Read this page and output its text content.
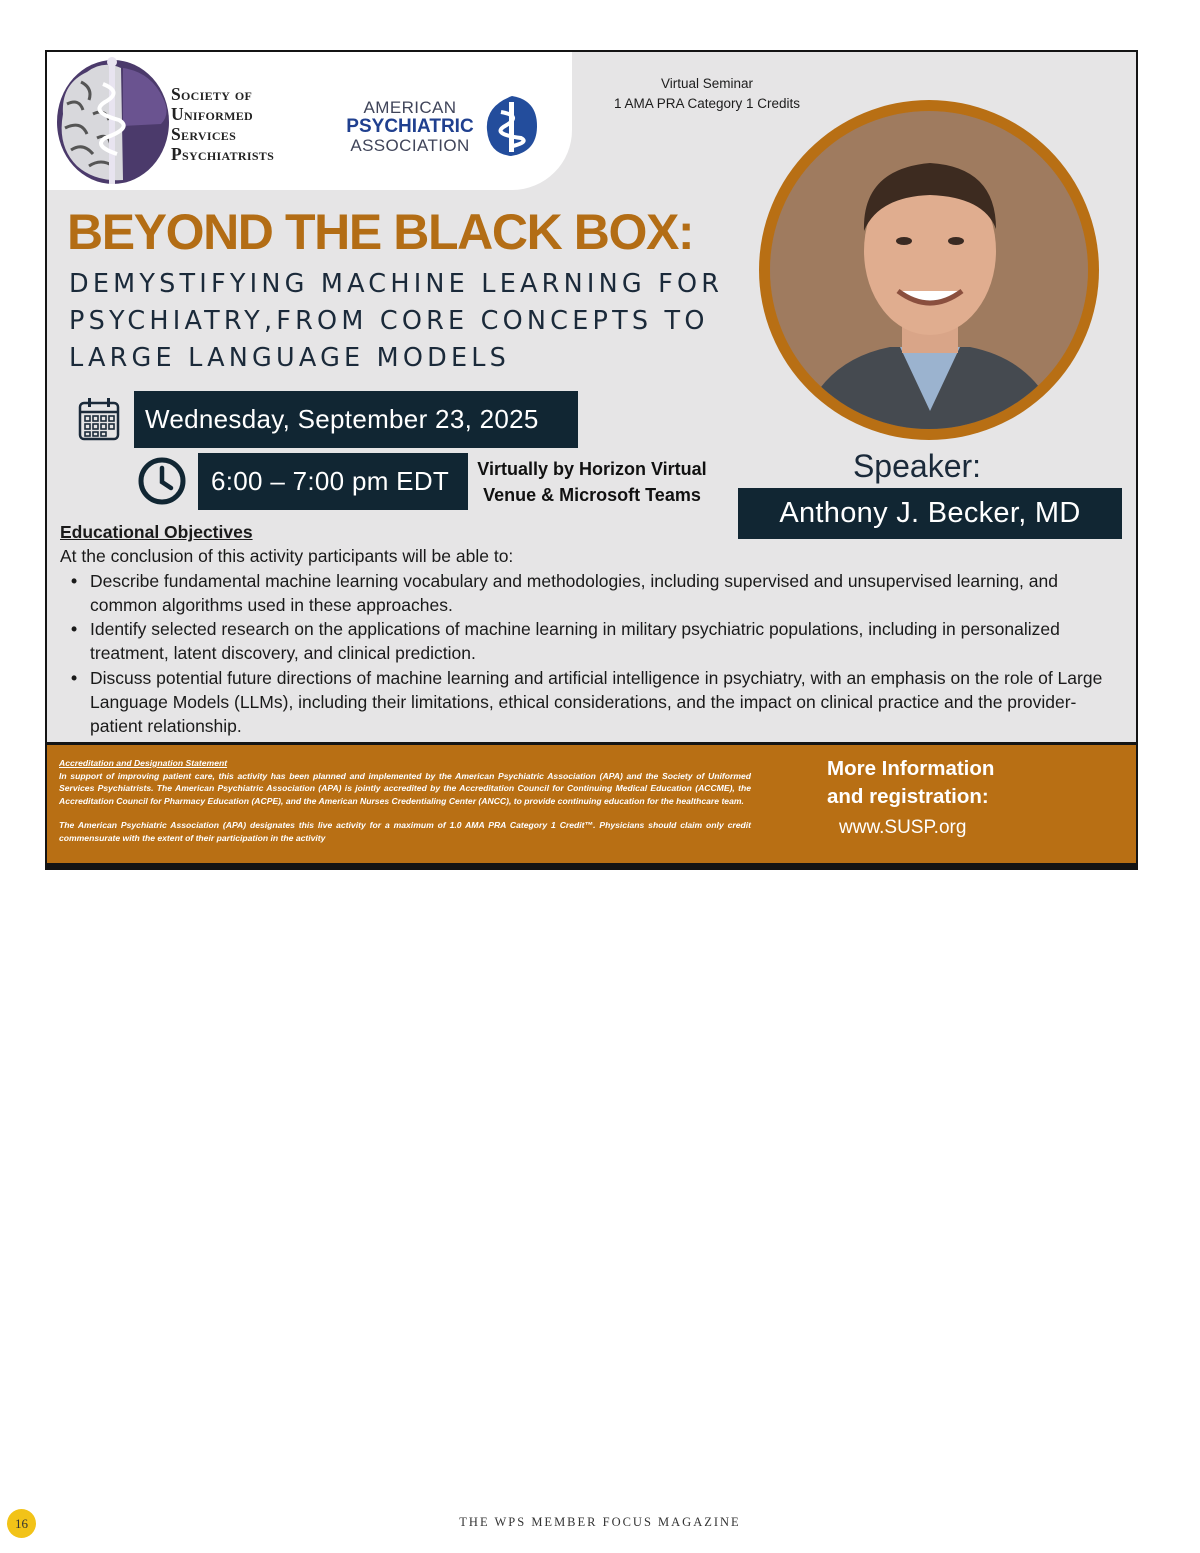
Society of
Uniformed
Services
Psychiatrists
AMERICAN
PSYCHIATRIC
ASSOCIATION
Virtual Seminar
1 AMA PRA Category 1 Credits
BEYOND THE BLACK BOX:
DEMYSTIFYING MACHINE LEARNING FOR
PSYCHIATRY,FROM CORE CONCEPTS TO
LARGE LANGUAGE MODELS
Wednesday, September 23, 2025
6:00 – 7:00 pm EDT	Virtually by Horizon Virtual
Venue & Microsoft Teams
Speaker:
Anthony J. Becker, MD
Educational Objectives
At the conclusion of this activity participants will be able to:
• Describe fundamental machine learning vocabulary and methodologies, including supervised and unsupervised learning, and common algorithms used in these approaches.
• Identify selected research on the applications of machine learning in military psychiatric populations, including in personalized treatment, latent discovery, and clinical prediction.
• Discuss potential future directions of machine learning and artificial intelligence in psychiatry, with an emphasis on the role of Large Language Models (LLMs), including their limitations, ethical considerations, and the impact on clinical practice and the provider-patient relationship.
Accreditation and Designation Statement

In support of improving patient care, this activity has been planned and implemented by the American Psychiatric Association (APA) and the Society of Uniformed Services Psychiatrists. The American Psychiatric Association (APA) is jointly accredited by the Accreditation Council for Continuing Medical Education (ACCME), the Accreditation Council for Pharmacy Education (ACPE), and the American Nurses Credentialing Center (ANCC), to provide continuing education for the healthcare team.

The American Psychiatric Association (APA) designates this live activity for a maximum of 1.0 AMA PRA Category 1 Credit™. Physicians should claim only credit commensurate with the extent of their participation in the activity

More Information
and registration:
www.SUSP.org
16	THE WPS MEMBER FOCUS MAGAZINE
